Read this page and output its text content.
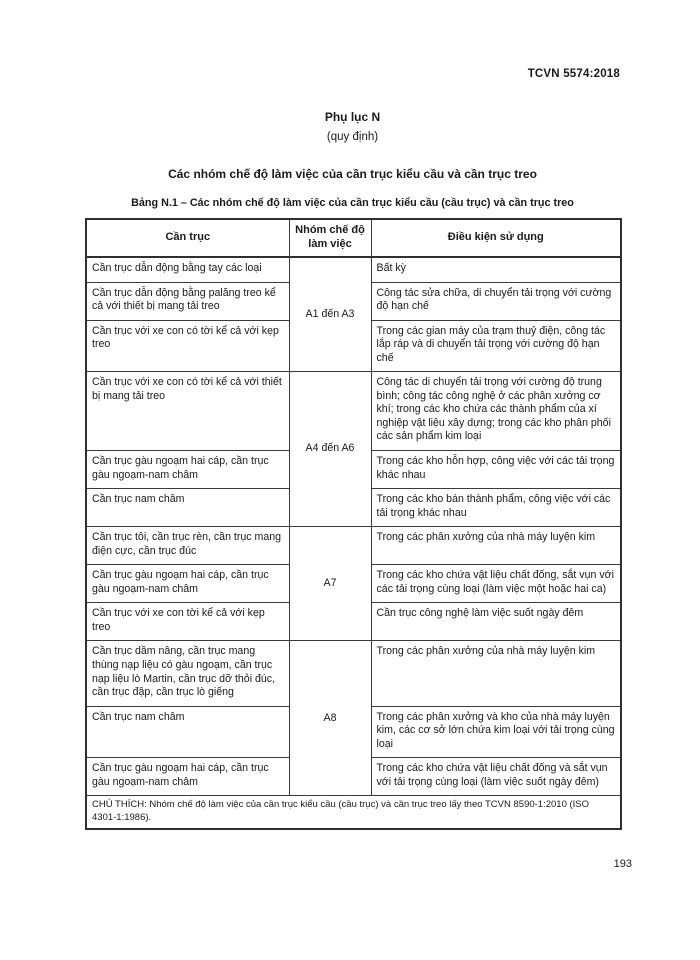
TCVN 5574:2018
Phụ lục N
(quy định)
Các nhóm chế độ làm việc của cần trục kiểu cầu và cần trục treo
Bảng N.1 – Các nhóm chế độ làm việc của cần trục kiểu cầu (cầu trục) và cần trục treo
Cần trục	Nhóm chế độ làm việc	Điều kiện sử dụng
Cần trục dẫn động bằng tay các loại	A1 đến A3	Bất kỳ
Cần trục dẫn động bằng palăng treo kể cả với thiết bị mang tải treo		Công tác sửa chữa, di chuyển tải trọng với cường độ hạn chế
Cần trục với xe con có tời kể cả với kẹp treo		Trong các gian máy của trạm thuỷ điện, công tác lắp ráp và di chuyển tải trọng với cường độ hạn chế
Cần trục với xe con có tời kể cả với thiết bị mang tải treo	A4 đến A6	Công tác di chuyển tải trọng với cường độ trung bình; công tác công nghệ ở các phân xưởng cơ khí; trong các kho chứa các thành phẩm của xí nghiệp vật liệu xây dựng; trong các kho phân phối các sản phẩm kim loại
Cần trục gàu ngoạm hai cáp, cần trục gàu ngoạm-nam châm		Trong các kho hỗn hợp, công việc với các tải trọng khác nhau
Cần trục nam châm		Trong các kho bán thành phẩm, công việc với các tải trọng khác nhau
Cần trục tôi, cần trục rèn, cần trục mang điện cực, cần trục đúc	A7	Trong các phân xưởng của nhà máy luyện kim
Cần trục gàu ngoạm hai cáp, cần trục gàu ngoạm-nam châm		Trong các kho chứa vật liệu chất đống, sắt vụn với các tải trọng cùng loại (làm việc một hoặc hai ca)
Cần trục với xe con tời kể cả với kẹp treo		Cần trục công nghệ làm việc suốt ngày đêm
Cần trục dầm nâng, cần trục mang thùng nạp liệu có gàu ngoạm, cần trục nạp liệu lò Martin, cần trục dỡ thỏi đúc, cần trục đập, cần trục lò giếng	A8	Trong các phân xưởng của nhà máy luyện kim
Cần trục nam châm		Trong các phân xưởng và kho của nhà máy luyện kim, các cơ sở lớn chứa kim loại với tải trọng cùng loại
Cần trục gàu ngoạm hai cáp, cần trục gàu ngoạm-nam châm		Trong các kho chứa vật liệu chất đống và sắt vụn với tải trọng cùng loại (làm việc suốt ngày đêm)
CHÚ THÍCH: Nhóm chế độ làm việc của cần trục kiểu cầu (cầu trục) và cần trục treo lấy theo TCVN 8590-1:2010 (ISO 4301-1:1986).		
193
